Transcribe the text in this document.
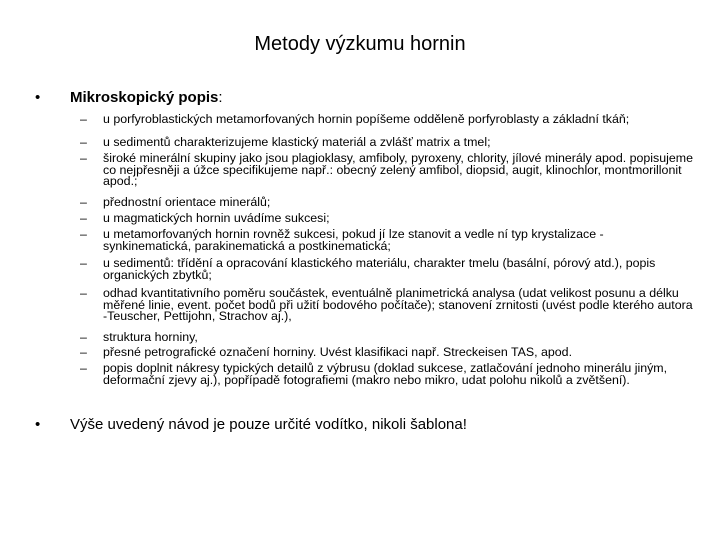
Metody výzkumu hornin
• Mikroskopický popis:
– u porfyroblastických metamorfovaných hornin popíšeme odděleně porfyroblasty a základní tkáň;
– u sedimentů charakterizujeme klastický materiál a zvlášť matrix a tmel;
– široké minerální skupiny jako jsou plagioklasy, amfiboly, pyroxeny, chlority, jílové minerály apod. popisujeme co nejpřesněji a úžce specifikujeme např.: obecný zelený amfibol, diopsid, augit, klinochlor, montmorillonit apod.;
– přednostní orientace minerálů;
– u magmatických hornin uvádíme sukcesi;
– u metamorfovaných hornin rovněž sukcesi, pokud jí lze stanovit a vedle ní typ krystalizace - synkinematická, parakinematická a postkinematická;
– u sedimentů: třídění a opracování klastického materiálu, charakter tmelu (basální, pórový atd.), popis organických zbytků;
– odhad kvantitativního poměru součástek, eventuálně planimetrická analysa (udat velikost posunu a délku měřené linie, event. počet bodů při užití bodového počítače); stanovení zrnitosti (uvést podle kterého autora -Teuscher, Pettijohn, Strachov aj.),
– struktura horniny,
– přesné petrografické označení horniny. Uvést klasifikaci např. Streckeisen TAS, apod.
– popis doplnit nákresy typických detailů z výbrusu (doklad sukcese, zatlačování jednoho minerálu jiným, deformační zjevy aj.), popřípadě fotografiemi (makro nebo mikro, udat polohu nikolů a zvětšení).
• Výše uvedený návod je pouze určité vodítko, nikoli šablona!
